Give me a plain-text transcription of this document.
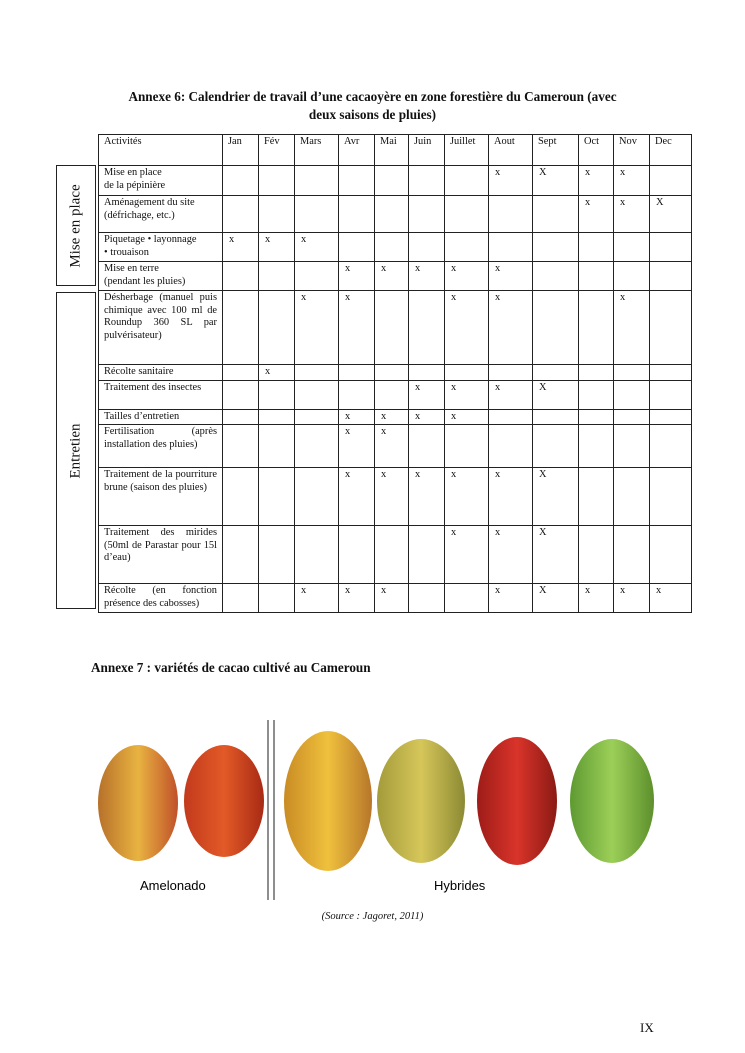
Annexe 6: Calendrier de travail d’une cacaoyère en zone forestière du Cameroun (avec
deux saisons de pluies)
Activités	Jan	Fév	Mars	Avr	Mai	Juin	Juillet	Aout	Sept	Oct	Nov	Dec
Mise en place
de la pépinière								x	X	x	x	
Aménagement du site
(défrichage, etc.)										x	x	X
Piquetage • layonnage
• trouaison	x	x	x									
Mise en terre
(pendant les pluies)				x	x	x	x	x				
Désherbage (manuel puis chimique avec 100 ml de Roundup 360 SL par pulvérisateur)			x	x			x	x			x	
Récolte sanitaire		x										
Traitement des insectes						x	x	x	X			
Tailles d’entretien				x	x	x	x					
Fertilisation (après installation des pluies)				x	x							
Traitement de la pourriture brune (saison des pluies)				x	x	x	x	x	X			
Traitement des mirides (50ml de Parastar pour 15l d’eau)							x	x	X			
Récolte (en fonction présence des cabosses)			x	x	x			x	X	x	x	x
Mise en place
Entretien
Annexe 7 : variétés de cacao cultivé au Cameroun
Amelonado	Hybrides
(Source : Jagoret, 2011)
IX
